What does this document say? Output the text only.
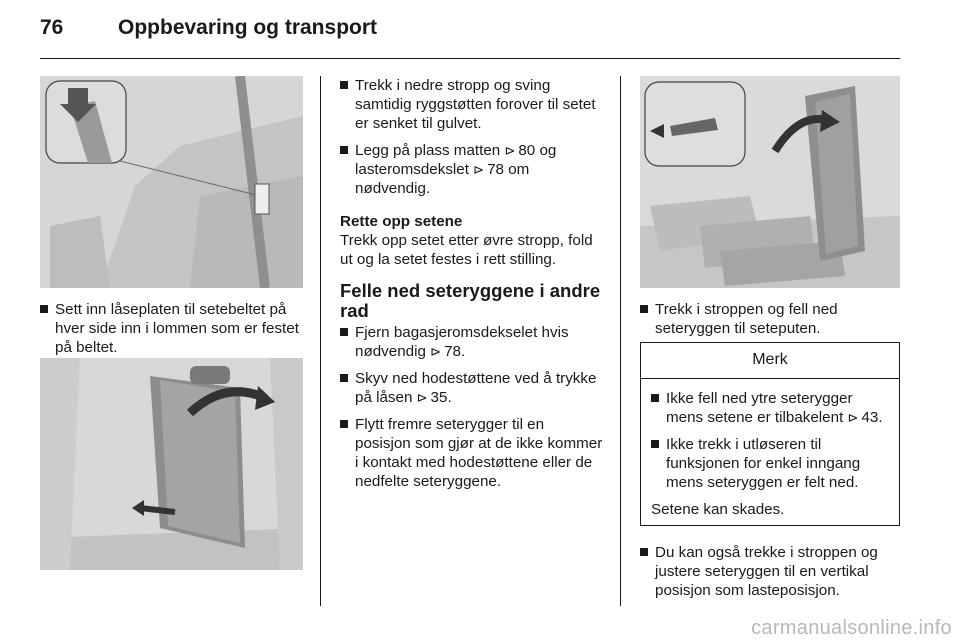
76	Oppbevaring og transport
Sett inn låseplaten til setebeltet på hver side inn i lommen som er festet på beltet.
Trekk i nedre stropp og sving samtidig ryggstøtten forover til setet er senket til gulvet.
Legg på plass matten ⊳ 80 og lasteromsdekslet ⊳ 78 om nødvendig.
Rette opp setene
Trekk opp setet etter øvre stropp, fold ut og la setet festes i rett stilling.
Felle ned seteryggene i andre rad
Fjern bagasjeromsdekselet hvis nødvendig ⊳ 78.
Skyv ned hodestøttene ved å trykke på låsen ⊳ 35.
Flytt fremre seterygger til en posisjon som gjør at de ikke kommer i kontakt med hodestøttene eller de nedfelte seteryggene.
Trekk i stroppen og fell ned seteryggen til seteputen.
Merk
Ikke fell ned ytre seterygger mens setene er tilbakelent ⊳ 43.
Ikke trekk i utløseren til funksjonen for enkel inngang mens seteryggen er felt ned.
Setene kan skades.
Du kan også trekke i stroppen og justere seteryggen til en vertikal posisjon som lasteposisjon.
carmanualsonline.info
